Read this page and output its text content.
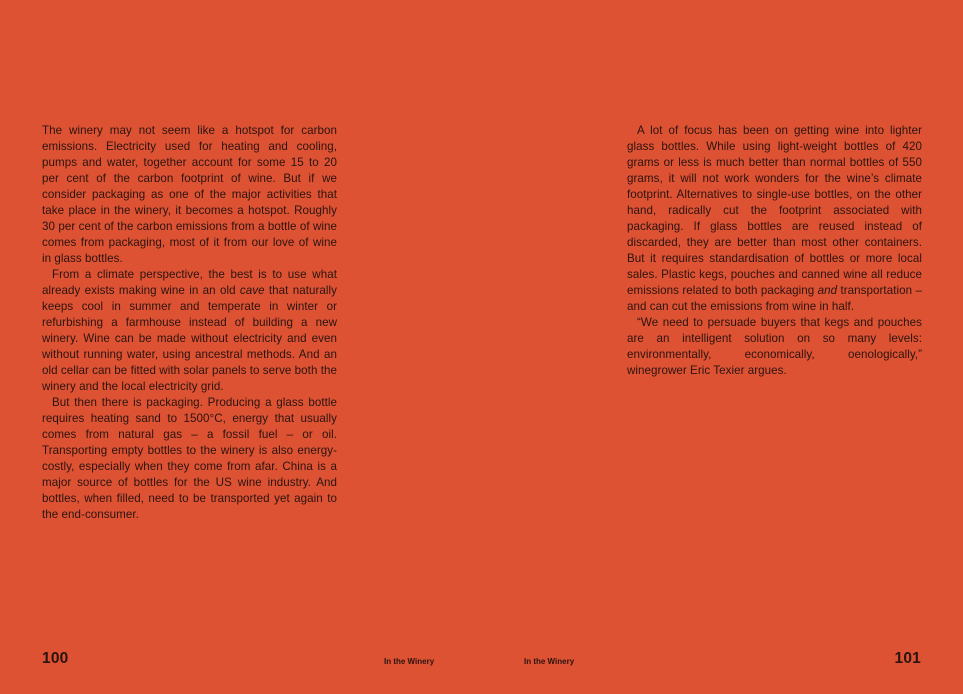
The winery may not seem like a hotspot for carbon emissions. Electricity used for heating and cooling, pumps and water, together account for some 15 to 20 per cent of the carbon footprint of wine. But if we consider packaging as one of the major activities that take place in the winery, it becomes a hotspot. Roughly 30 per cent of the carbon emissions from a bottle of wine comes from packaging, most of it from our love of wine in glass bottles.

From a climate perspective, the best is to use what already exists making wine in an old cave that naturally keeps cool in summer and temperate in winter or refurbishing a farmhouse instead of building a new winery. Wine can be made without electricity and even without running water, using ancestral methods. And an old cellar can be fitted with solar panels to serve both the winery and the local electricity grid.

But then there is packaging. Producing a glass bottle requires heating sand to 1500°C, energy that usually comes from natural gas – a fossil fuel – or oil. Transporting empty bottles to the winery is also energy-costly, especially when they come from afar. China is a major source of bottles for the US wine industry. And bottles, when filled, need to be transported yet again to the end-consumer.

100	In the Winery

A lot of focus has been on getting wine into lighter glass bottles. While using light-weight bottles of 420 grams or less is much better than normal bottles of 550 grams, it will not work wonders for the wine’s climate footprint. Alternatives to single-use bottles, on the other hand, radically cut the footprint associated with packaging. If glass bottles are reused instead of discarded, they are better than most other containers. But it requires standardisation of bottles or more local sales. Plastic kegs, pouches and canned wine all reduce emissions related to both packaging and transportation – and can cut the emissions from wine in half.

“We need to persuade buyers that kegs and pouches are an intelligent solution on so many levels: environmentally, economically, oenologically,” winegrower Eric Texier argues.

In the Winery	101
